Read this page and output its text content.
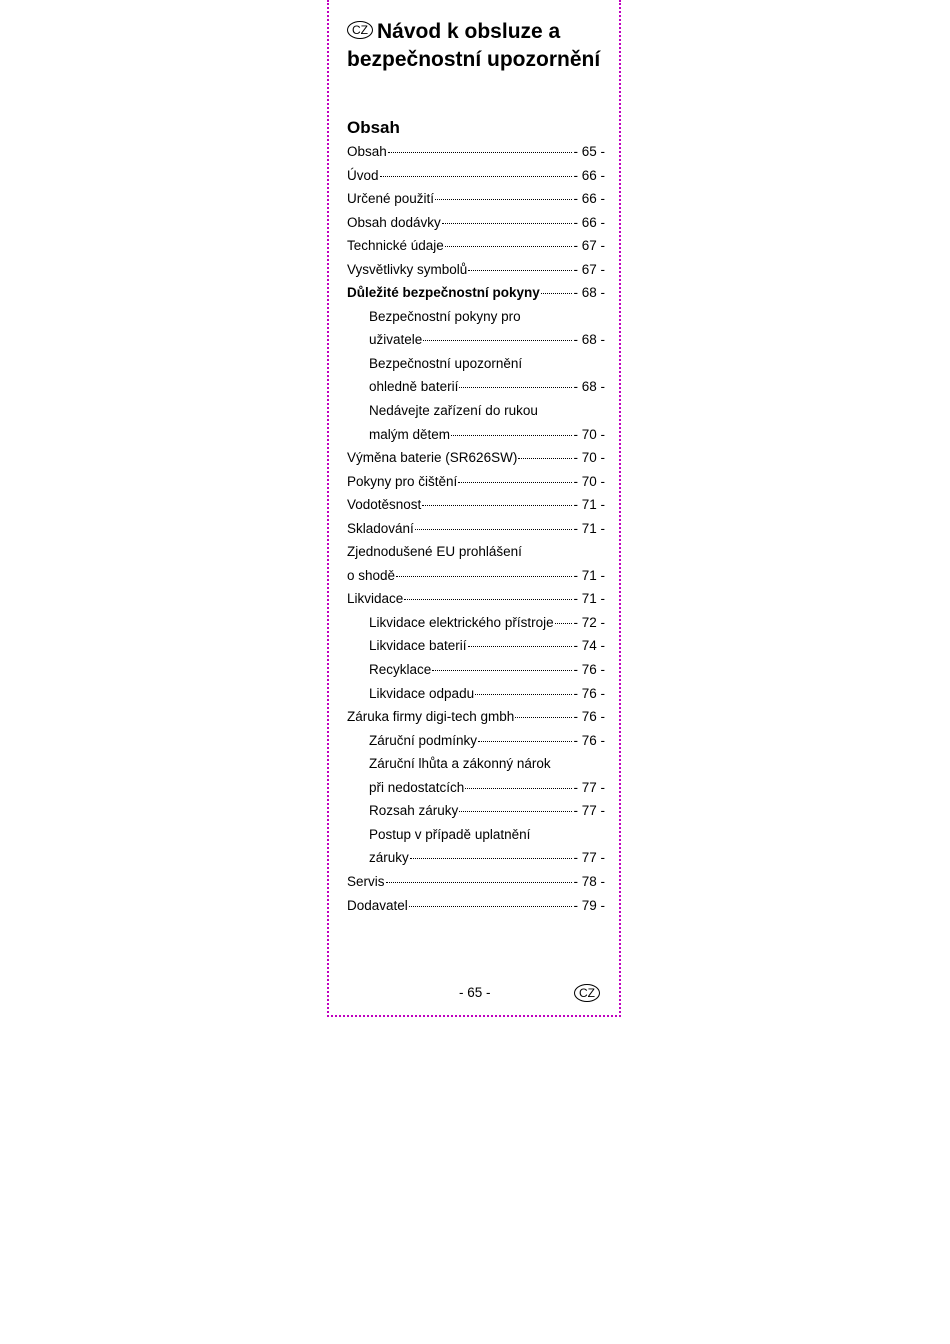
CZ Návod k obsluze a bezpečnostní upozornění
Obsah
Obsah	- 65 -
Úvod	- 66 -
Určené použití	- 66 -
Obsah dodávky	- 66 -
Technické údaje	- 67 -
Vysvětlivky symbolů	- 67 -
Důležité bezpečnostní pokyny - 68 -
Bezpečnostní pokyny pro
uživatele	- 68 -
Bezpečnostní upozornění
ohledně baterií	- 68 -
Nedávejte zařízení do rukou
malým dětem	- 70 -
Výměna baterie (SR626SW)	- 70 -
Pokyny pro čištění	- 70 -
Vodotěsnost	- 71 -
Skladování	- 71 -
Zjednodušené EU prohlášení
o shodě	- 71 -
Likvidace	- 71 -
Likvidace elektrického přístroje - 72 -
Likvidace baterií	- 74 -
Recyklace	- 76 -
Likvidace odpadu	- 76 -
Záruka firmy digi-tech gmbh	- 76 -
Záruční podmínky	- 76 -
Záruční lhůta a zákonný nárok
při nedostatcích	- 77 -
Rozsah záruky	- 77 -
Postup v případě uplatnění
záruky	- 77 -
Servis	- 78 -
Dodavatel	- 79 -
- 65 -	CZ
